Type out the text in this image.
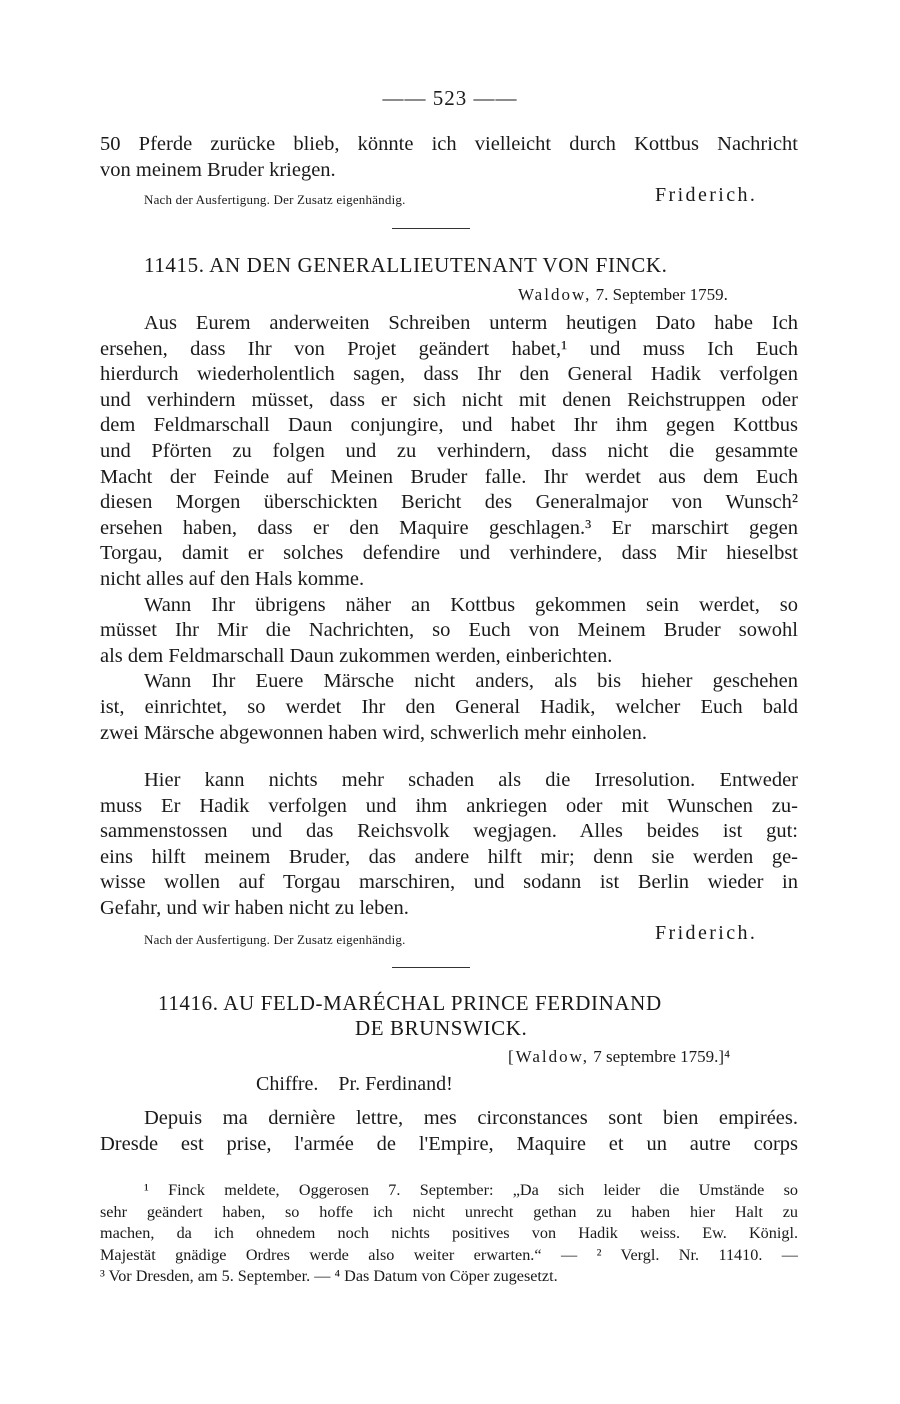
—— 523 ——
50 Pferde zurücke blieb, könnte ich vielleicht durch Kottbus Nachricht
von meinem Bruder kriegen.
Nach der Ausfertigung. Der Zusatz eigenhändig.	Friderich.
11415. AN DEN GENERALLIEUTENANT VON FINCK.
Waldow, 7. September 1759.
Aus Eurem anderweiten Schreiben unterm heutigen Dato habe Ich
ersehen, dass Ihr von Projet geändert habet,¹ und muss Ich Euch
hierdurch wiederholentlich sagen, dass Ihr den General Hadik verfolgen
und verhindern müsset, dass er sich nicht mit denen Reichstruppen oder
dem Feldmarschall Daun conjungire, und habet Ihr ihm gegen Kottbus
und Pförten zu folgen und zu verhindern, dass nicht die gesammte
Macht der Feinde auf Meinen Bruder falle. Ihr werdet aus dem Euch
diesen Morgen überschickten Bericht des Generalmajor von Wunsch²
ersehen haben, dass er den Maquire geschlagen.³ Er marschirt gegen
Torgau, damit er solches defendire und verhindere, dass Mir hieselbst
nicht alles auf den Hals komme.
Wann Ihr übrigens näher an Kottbus gekommen sein werdet, so
müsset Ihr Mir die Nachrichten, so Euch von Meinem Bruder sowohl
als dem Feldmarschall Daun zukommen werden, einberichten.
Wann Ihr Euere Märsche nicht anders, als bis hieher geschehen
ist, einrichtet, so werdet Ihr den General Hadik, welcher Euch bald
zwei Märsche abgewonnen haben wird, schwerlich mehr einholen.
Hier kann nichts mehr schaden als die Irresolution. Entweder
muss Er Hadik verfolgen und ihm ankriegen oder mit Wunschen zu-
sammenstossen und das Reichsvolk wegjagen. Alles beides ist gut:
eins hilft meinem Bruder, das andere hilft mir; denn sie werden ge-
wisse wollen auf Torgau marschiren, und sodann ist Berlin wieder in
Gefahr, und wir haben nicht zu leben.
Nach der Ausfertigung. Der Zusatz eigenhändig.	Friderich.
11416. AU FELD-MARÉCHAL PRINCE FERDINAND
DE BRUNSWICK.
[Waldow, 7 septembre 1759.]⁴
Chiffre.    Pr. Ferdinand!
Depuis ma dernière lettre, mes circonstances sont bien empirées.
Dresde est prise, l'armée de l'Empire, Maquire et un autre corps
¹ Finck meldete, Oggerosen 7. September: „Da sich leider die Umstände so
sehr geändert haben, so hoffe ich nicht unrecht gethan zu haben hier Halt zu
machen, da ich ohnedem noch nichts positives von Hadik weiss. Ew. Königl.
Majestät gnädige Ordres werde also weiter erwarten.“ — ² Vergl. Nr. 11410. —
³ Vor Dresden, am 5. September. — ⁴ Das Datum von Cöper zugesetzt.
